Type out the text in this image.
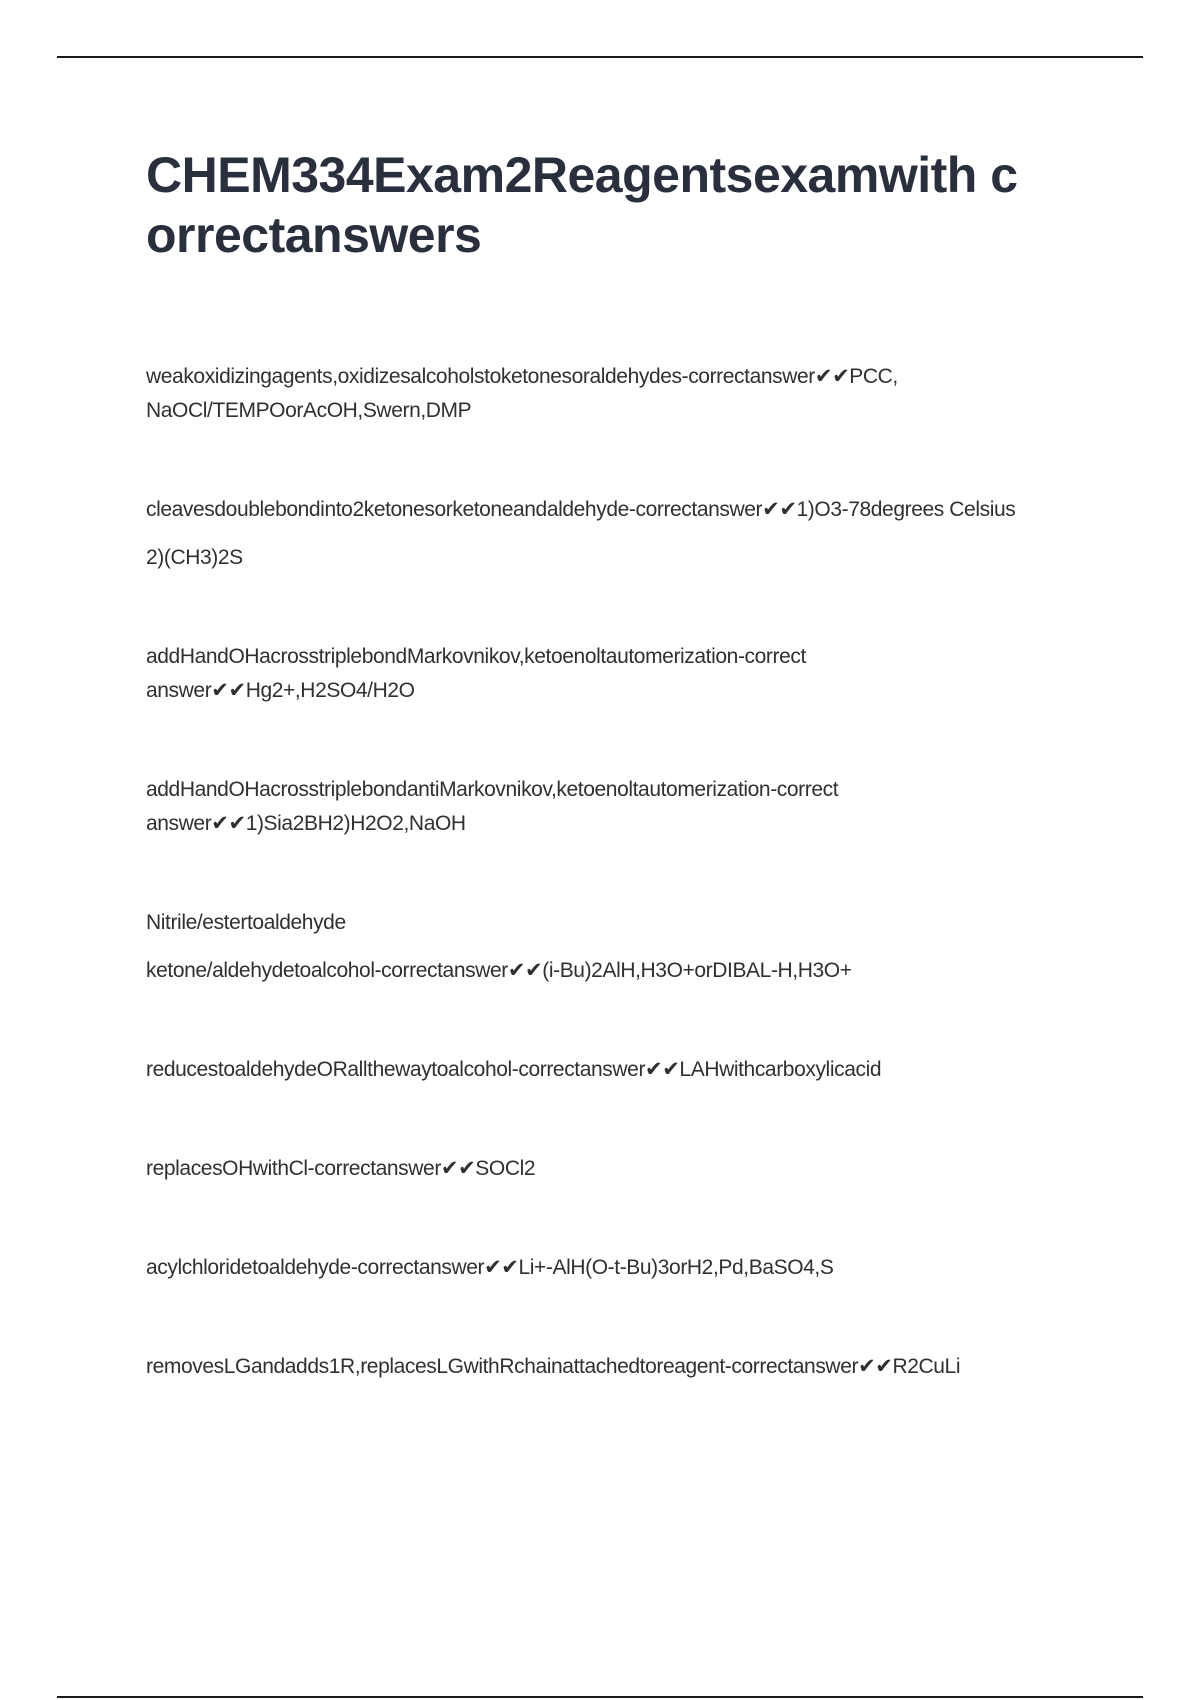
CHEM334Exam2Reagentsexamwith correctanswers

weakoxidizingagents,oxidizesalcoholstoketonesoraldehydes-correctanswer✔✔PCC, NaOCl/TEMPOorAcOH,Swern,DMP

cleavesdoublebondinto2ketonesorketoneandaldehyde-correctanswer✔✔1)O3-78degrees Celsius

2)(CH3)2S

addHandOHacrosstriplebondMarkovnikov,ketoenoltautomerization-correct answer✔✔Hg2+,H2SO4/H2O

addHandOHacrosstriplebondantiMarkovnikov,ketoenoltautomerization-correct answer✔✔1)Sia2BH2)H2O2,NaOH

Nitrile/estertoaldehyde

ketone/aldehydetoalcohol-correctanswer✔✔(i-Bu)2AlH,H3O+orDIBAL-H,H3O+

reducestoaldehydeORallthewaytoalcohol-correctanswer✔✔LAHwithcarboxylicacid

replacesOHwithCl-correctanswer✔✔SOCl2

acylchloridetoaldehyde-correctanswer✔✔Li+-AlH(O-t-Bu)3orH2,Pd,BaSO4,S

removesLGandadds1R,replacesLGwithRchainattachedtoreagent-correctanswer✔✔R2CuLi
